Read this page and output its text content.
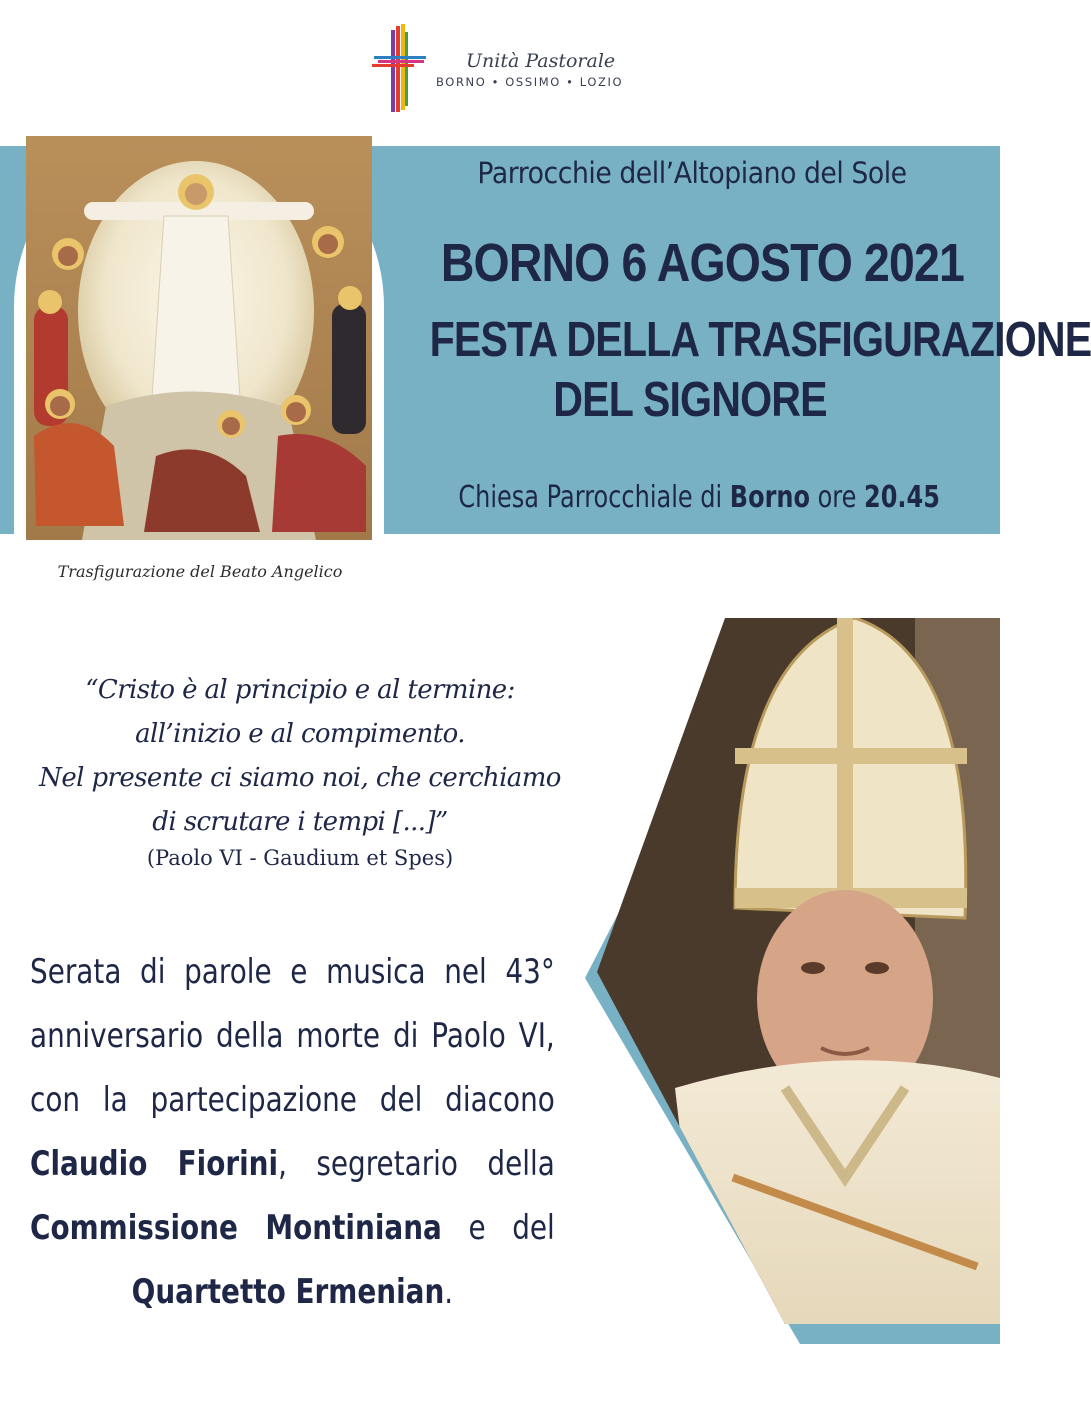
Unità Pastorale
BORNO • OSSIMO • LOZIO
Trasfigurazione del Beato Angelico
Parrocchie dell’Altopiano del Sole
BORNO 6 AGOSTO 2021
FESTA DELLA TRASFIGURAZIONE
DEL SIGNORE
Chiesa Parrocchiale di Borno ore 20.45
“Cristo è al principio e al termine:
all’inizio e al compimento.
Nel presente ci siamo noi, che cerchiamo
di scrutare i tempi [...]”
(Paolo VI - Gaudium et Spes)
Serata di parole e musica nel 43° anniversario della morte di Paolo VI, con la partecipazione del diacono Claudio Fiorini, segretario della Commissione Montiniana e del Quartetto Ermenian.
